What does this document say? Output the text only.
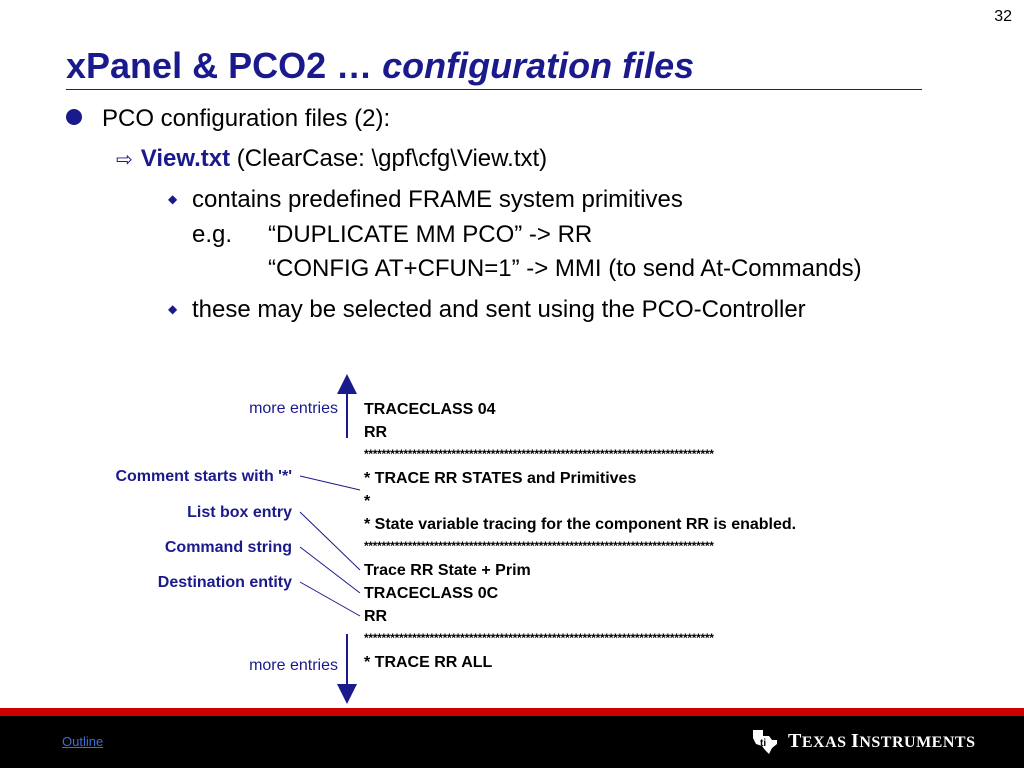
32
xPanel & PCO2 … configuration files
PCO configuration files (2):
⇨ View.txt (ClearCase: \gpf\cfg\View.txt)
◆ contains predefined FRAME system primitives
e.g. “DUPLICATE MM PCO” -> RR
“CONFIG AT+CFUN=1” -> MMI (to send At-Commands)
◆ these may be selected and sent using the PCO-Controller
TRACECLASS 04
RR
********************************************************************************
* TRACE RR STATES and Primitives
*
* State variable tracing for the component RR is enabled.
********************************************************************************
Trace RR State + Prim
TRACECLASS 0C
RR
********************************************************************************
* TRACE RR ALL
more entries
Comment starts with '*'
List box entry
Command string
Destination entity
more entries
Outline	ti TEXAS INSTRUMENTS
